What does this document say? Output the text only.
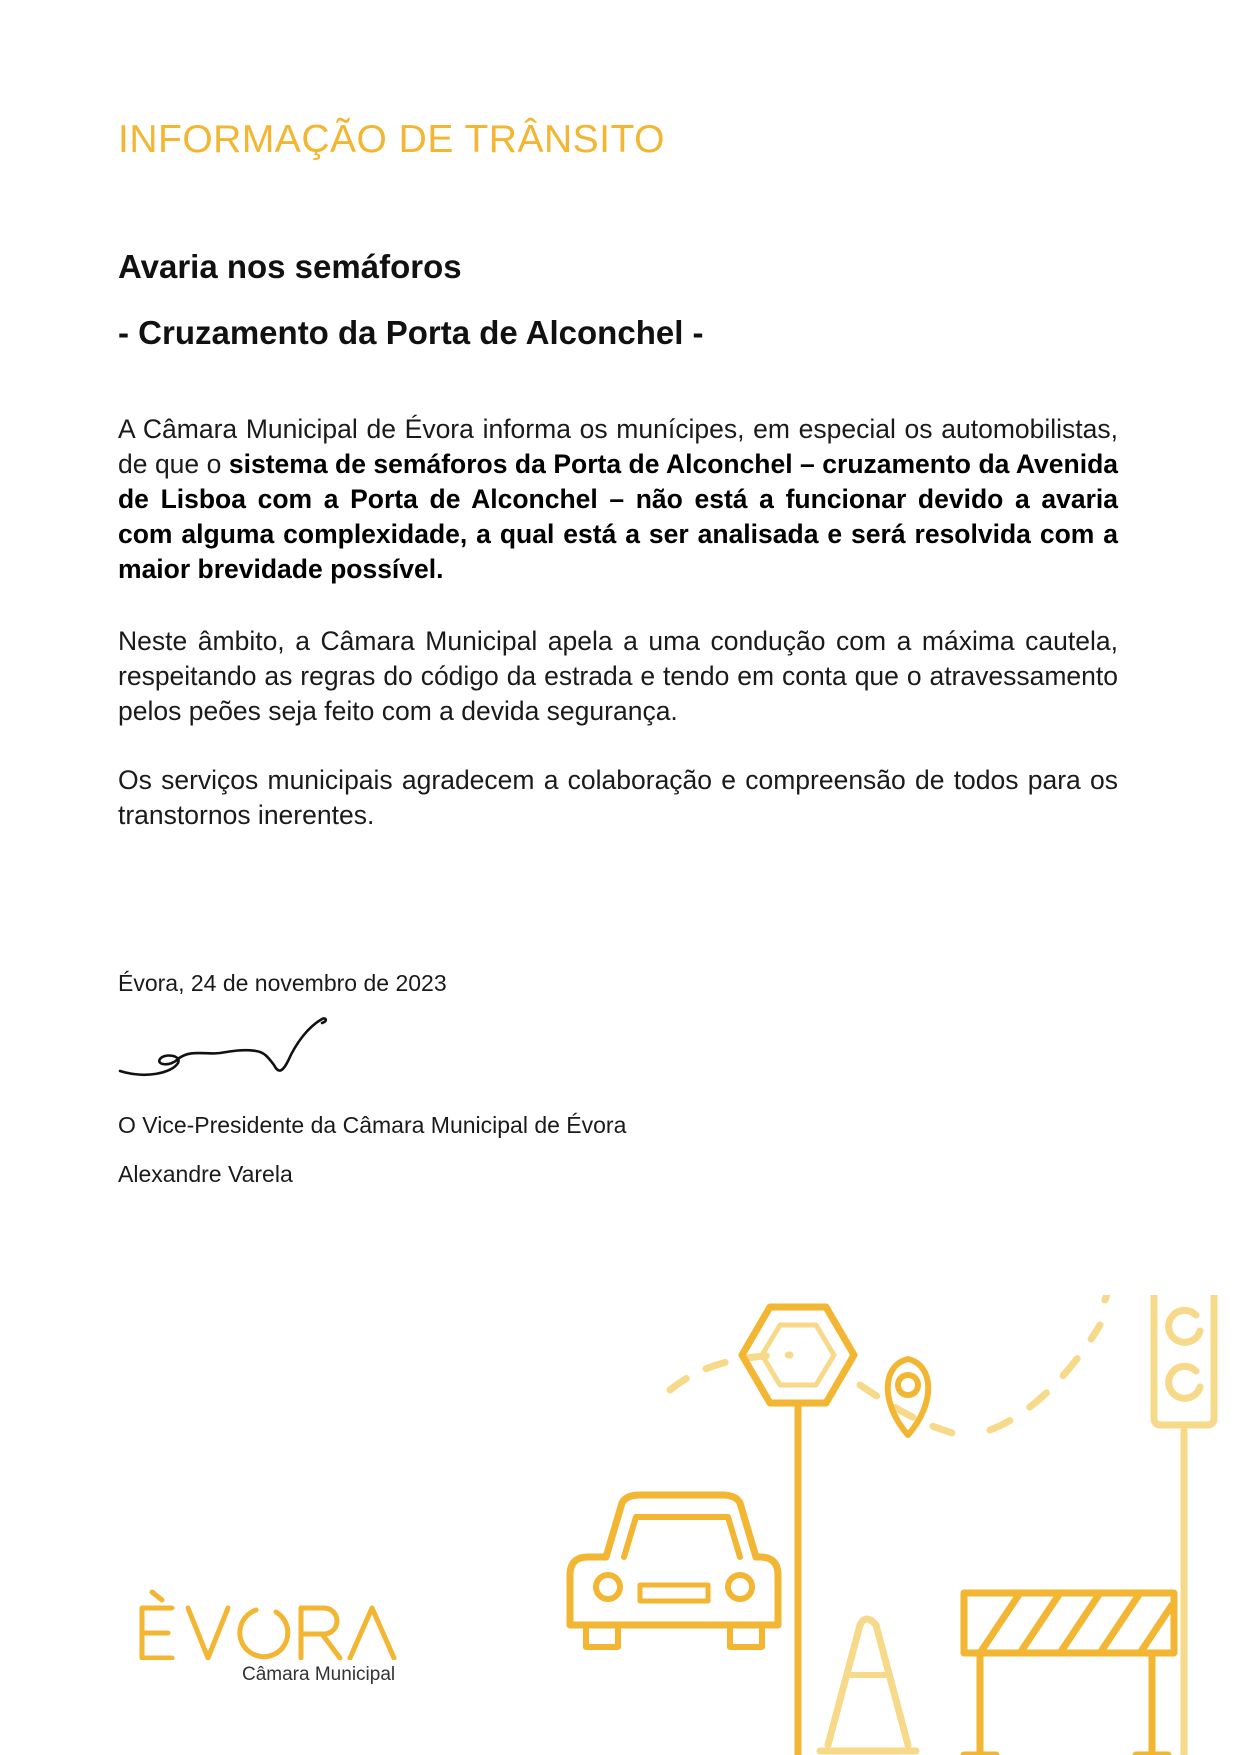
INFORMAÇÃO DE TRÂNSITO
Avaria nos semáforos
- Cruzamento da Porta de Alconchel -
A Câmara Municipal de Évora informa os munícipes, em especial os automobilistas, de que o sistema de semáforos da Porta de Alconchel – cruzamento da Avenida de Lisboa com a Porta de Alconchel – não está a funcionar devido a avaria com alguma complexidade, a qual está a ser analisada e será resolvida com a maior brevidade possível.
Neste âmbito, a Câmara Municipal apela a uma condução com a máxima cautela, respeitando as regras do código da estrada e tendo em conta que o atravessamento pelos peões seja feito com a devida segurança.
Os serviços municipais agradecem a colaboração e compreensão de todos para os transtornos inerentes.
Évora, 24 de novembro de 2023
O Vice-Presidente da Câmara Municipal de Évora
Alexandre Varela
Câmara Municipal
